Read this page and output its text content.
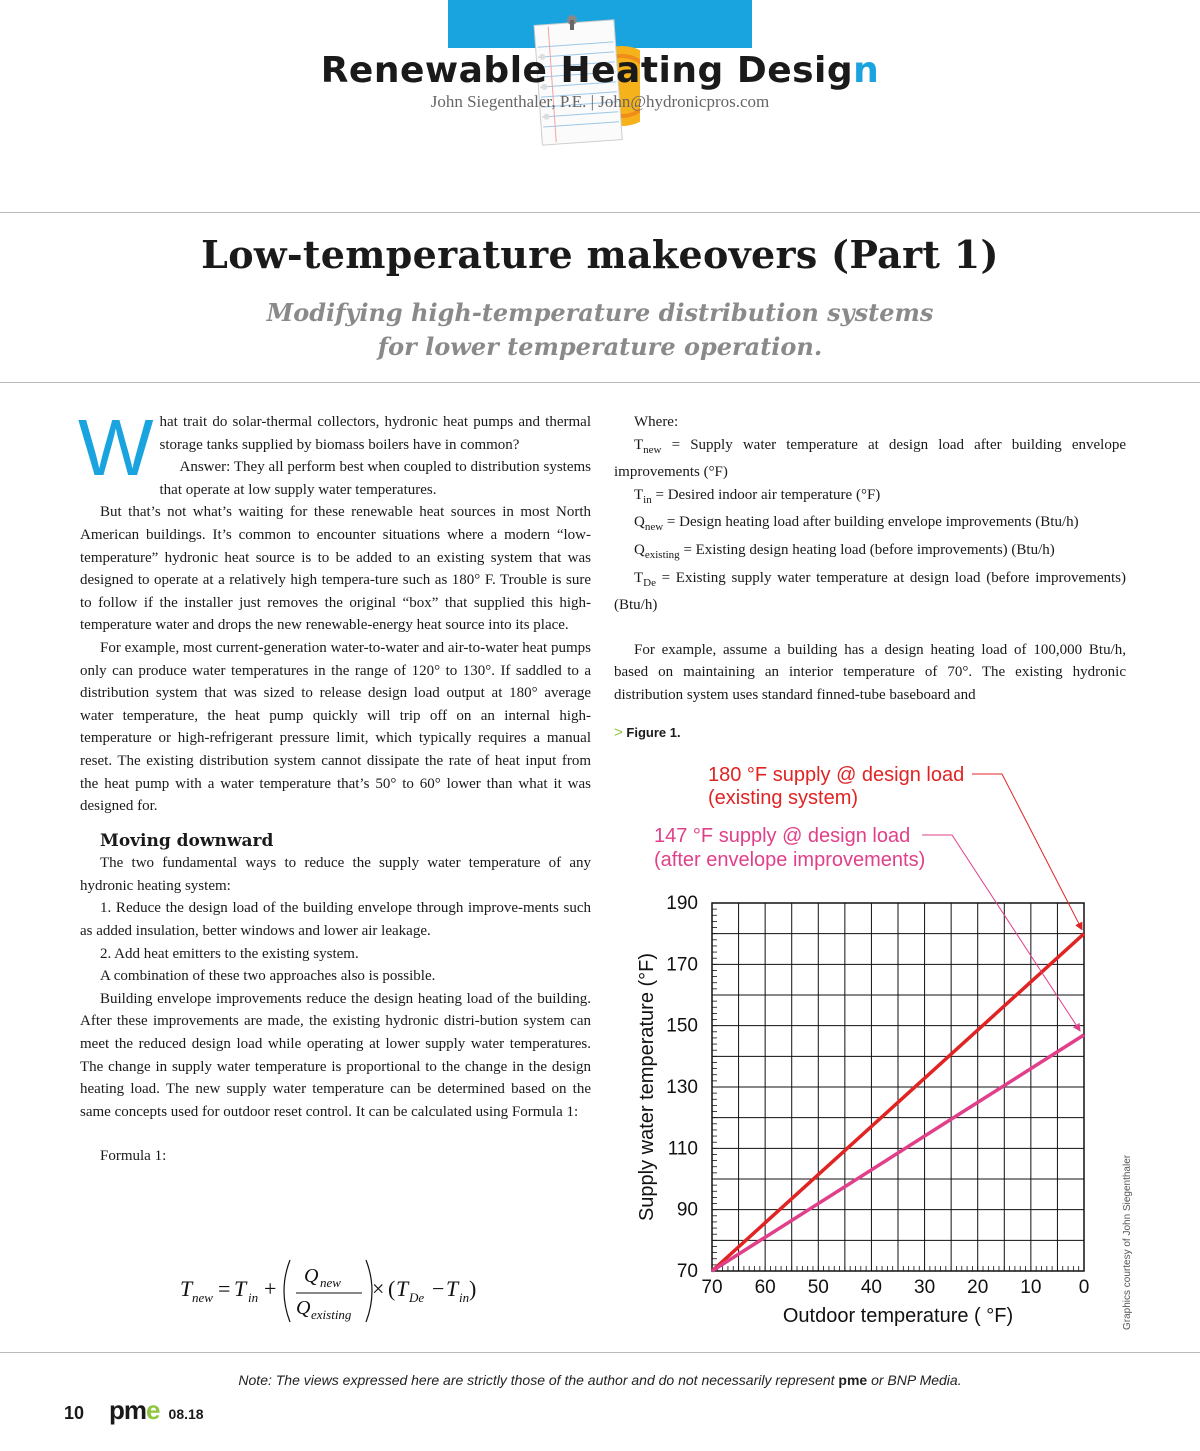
Renewable Heating Design
John Siegenthaler, P.E. | John@hydronicpros.com
Low-temperature makeovers (Part 1)
Modifying high-temperature distribution systems
for lower temperature operation.

What trait do solar-thermal collectors, hydronic heat pumps and thermal storage tanks supplied by biomass boilers have in common?

Answer: They all perform best when coupled to distribution systems that operate at low supply water temperatures.

But that’s not what’s waiting for these renewable heat sources in most North American buildings. It’s common to encounter situations where a modern “low-temperature” hydronic heat source is to be added to an existing system that was designed to operate at a relatively high tempera-ture such as 180° F. Trouble is sure to follow if the installer just removes the original “box” that supplied this high-temperature water and drops the new renewable-energy heat source into its place.

For example, most current-generation water-to-water and air-to-water heat pumps only can produce water temperatures in the range of 120° to 130°. If saddled to a distribution system that was sized to release design load output at 180° average water temperature, the heat pump quickly will trip off on an internal high-temperature or high-refrigerant pressure limit, which typically requires a manual reset. The existing distribution system cannot dissipate the rate of heat input from the heat pump with a water temperature that’s 50° to 60° lower than what it was designed for.

Moving downward

The two fundamental ways to reduce the supply water temperature of any hydronic heating system:

1. Reduce the design load of the building envelope through improve-ments such as added insulation, better windows and lower air leakage.

2. Add heat emitters to the existing system.

A combination of these two approaches also is possible.

Building envelope improvements reduce the design heating load of the building. After these improvements are made, the existing hydronic distri-bution system can meet the reduced design load while operating at lower supply water temperatures. The change in supply water temperature is proportional to the change in the design heating load. The new supply water temperature can be determined based on the same concepts used for outdoor reset control. It can be calculated using Formula 1:

Formula 1:

T new = T in + Q new
Q existing
× ( T De − T in )

Where:

$T_{new}$ = Supply water temperature at design load after building envelope improvements (°F)

$T_{in}$ = Desired indoor air temperature (°F)

$Q_{new}$ = Design heating load after building envelope improvements (Btu/h)

$Q_{existing}$ = Existing design heating load (before improvements) (Btu/h)

$T_{De}$ = Existing supply water temperature at design load (before improvements) (Btu/h)

For example, assume a building has a design heating load of 100,000 Btu/h, based on maintaining an interior temperature of 70°. The existing hydronic distribution system uses standard finned-tube baseboard and

> Figure 1.
190
170
150
130
110
90
70
70 60 50 40 30 20 10 0
Supply water temperature (°F)
Outdoor temperature ( °F)
180 °F supply @ design load
(existing system)
147 °F supply @ design load
(after envelope improvements)
Graphics courtesy of John Siegenthaler
Note: The views expressed here are strictly those of the author and do not necessarily represent pme or BNP Media.
10 pme 08.18
